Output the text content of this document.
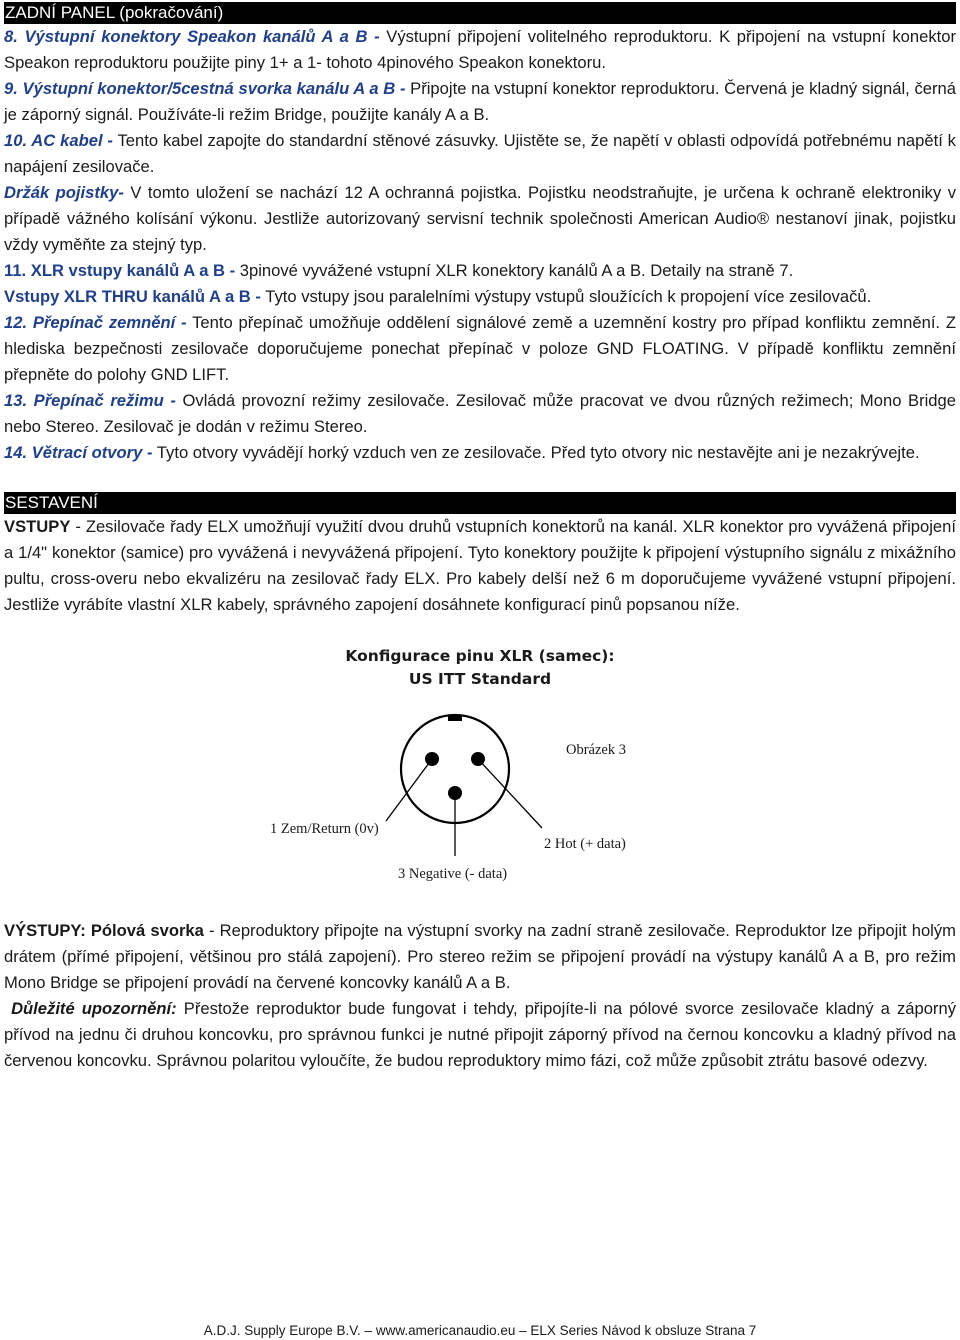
ZADNÍ PANEL (pokračování)

8. Výstupní konektory Speakon kanálů A a B - Výstupní připojení volitelného reproduktoru. K připojení na vstupní konektor Speakon reproduktoru použijte piny 1+ a 1- tohoto 4pinového Speakon konektoru.

9. Výstupní konektor/5cestná svorka kanálu A a B - Připojte na vstupní konektor reproduktoru. Červená je kladný signál, černá je záporný signál. Používáte-li režim Bridge, použijte kanály A a B.

10. AC kabel - Tento kabel zapojte do standardní stěnové zásuvky. Ujistěte se, že napětí v oblasti odpovídá potřebnému napětí k napájení zesilovače.

Držák pojistky- V tomto uložení se nachází 12 A ochranná pojistka. Pojistku neodstraňujte, je určena k ochraně elektroniky v případě vážného kolísání výkonu. Jestliže autorizovaný servisní technik společnosti American Audio® nestanoví jinak, pojistku vždy vyměňte za stejný typ.

11. XLR vstupy kanálů A a B - 3pinové vyvážené vstupní XLR konektory kanálů A a B. Detaily na straně 7.

Vstupy XLR THRU kanálů A a B - Tyto vstupy jsou paralelními výstupy vstupů sloužících k propojení více zesilovačů.

12. Přepínač zemnění - Tento přepínač umožňuje oddělení signálové země a uzemnění kostry pro případ konfliktu zemnění. Z hlediska bezpečnosti zesilovače doporučujeme ponechat přepínač v poloze GND FLOATING. V případě konfliktu zemnění přepněte do polohy GND LIFT.

13. Přepínač režimu - Ovládá provozní režimy zesilovače. Zesilovač může pracovat ve dvou různých režimech; Mono Bridge nebo Stereo. Zesilovač je dodán v režimu Stereo.

14. Větrací otvory - Tyto otvory vyvádějí horký vzduch ven ze zesilovače. Před tyto otvory nic nestavějte ani je nezakrývejte.

SESTAVENÍ

VSTUPY - Zesilovače řady ELX umožňují využití dvou druhů vstupních konektorů na kanál. XLR konektor pro vyvážená připojení a 1/4" konektor (samice) pro vyvážená i nevyvážená připojení. Tyto konektory použijte k připojení výstupního signálu z mixážního pultu, cross-overu nebo ekvalizéru na zesilovač řady ELX. Pro kabely delší než 6 m doporučujeme vyvážené vstupní připojení. Jestliže vyrábíte vlastní XLR kabely, správného zapojení dosáhnete konfigurací pinů popsanou níže.

Konfigurace pinu XLR (samec):
US ITT Standard
Obrázek 3
1 Zem/Return (0v)
2 Hot (+ data)
3 Negative (- data)

VÝSTUPY: Pólová svorka - Reproduktory připojte na výstupní svorky na zadní straně zesilovače. Reproduktor lze připojit holým drátem (přímé připojení, většinou pro stálá zapojení). Pro stereo režim se připojení provádí na výstupy kanálů A a B, pro režim Mono Bridge se připojení provádí na červené koncovky kanálů A a B.

Důležité upozornění: Přestože reproduktor bude fungovat i tehdy, připojíte-li na pólové svorce zesilovače kladný a záporný přívod na jednu či druhou koncovku, pro správnou funkci je nutné připojit záporný přívod na černou koncovku a kladný přívod na červenou koncovku. Správnou polaritou vyloučíte, že budou reproduktory mimo fázi, což může způsobit ztrátu basové odezvy.

A.D.J. Supply Europe B.V. – www.americanaudio.eu – ELX Series Návod k obsluze Strana 7
